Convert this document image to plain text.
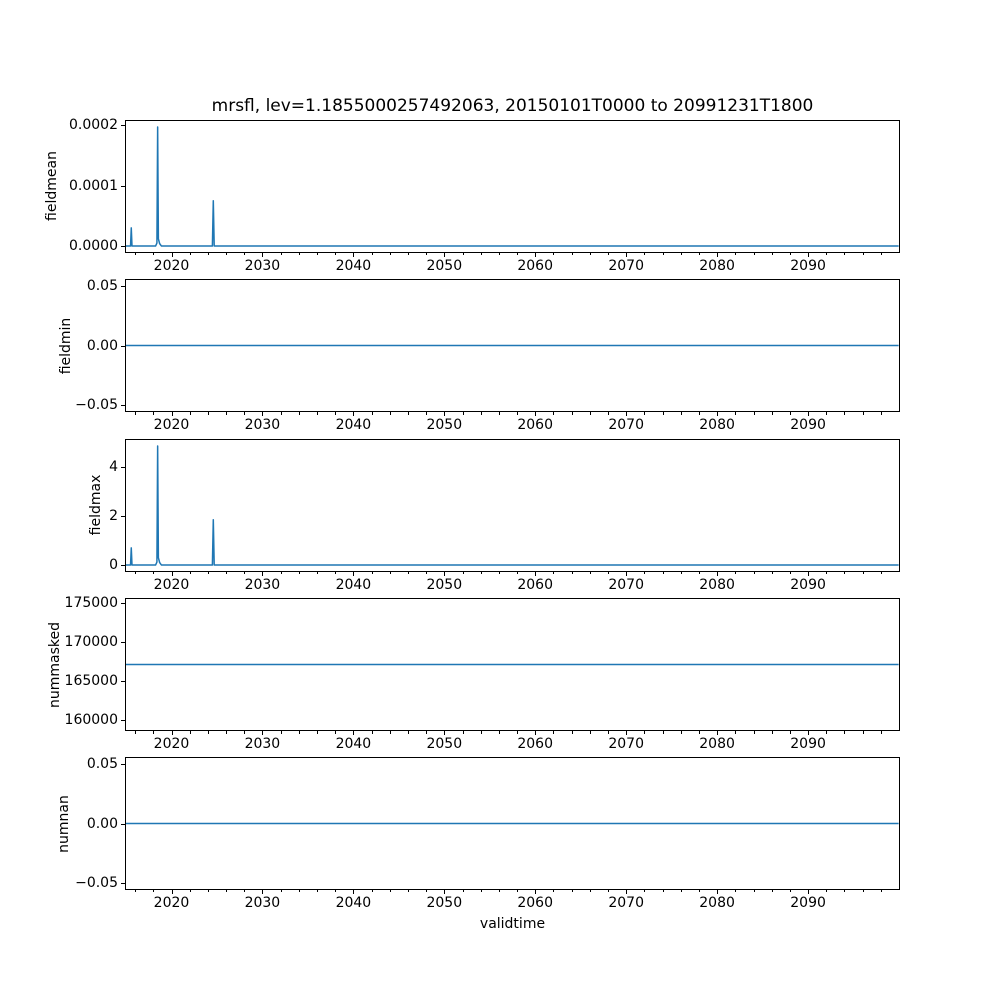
mrsfl, lev=1.1855000257492063, 20150101T0000 to 20991231T1800
fieldmean
2020	2030	2040	2050	2060	2070	2080	2090
0.0000
0.0001
0.0002
fieldmin
2020	2030	2040	2050	2060	2070	2080	2090
−0.05
0.00
0.05
fieldmax
2020	2030	2040	2050	2060	2070	2080	2090
0
2
4
nummasked
2020	2030	2040	2050	2060	2070	2080	2090
160000
165000
170000
175000
numnan
2020	2030	2040	2050	2060	2070	2080	2090
−0.05
0.00
0.05
validtime
